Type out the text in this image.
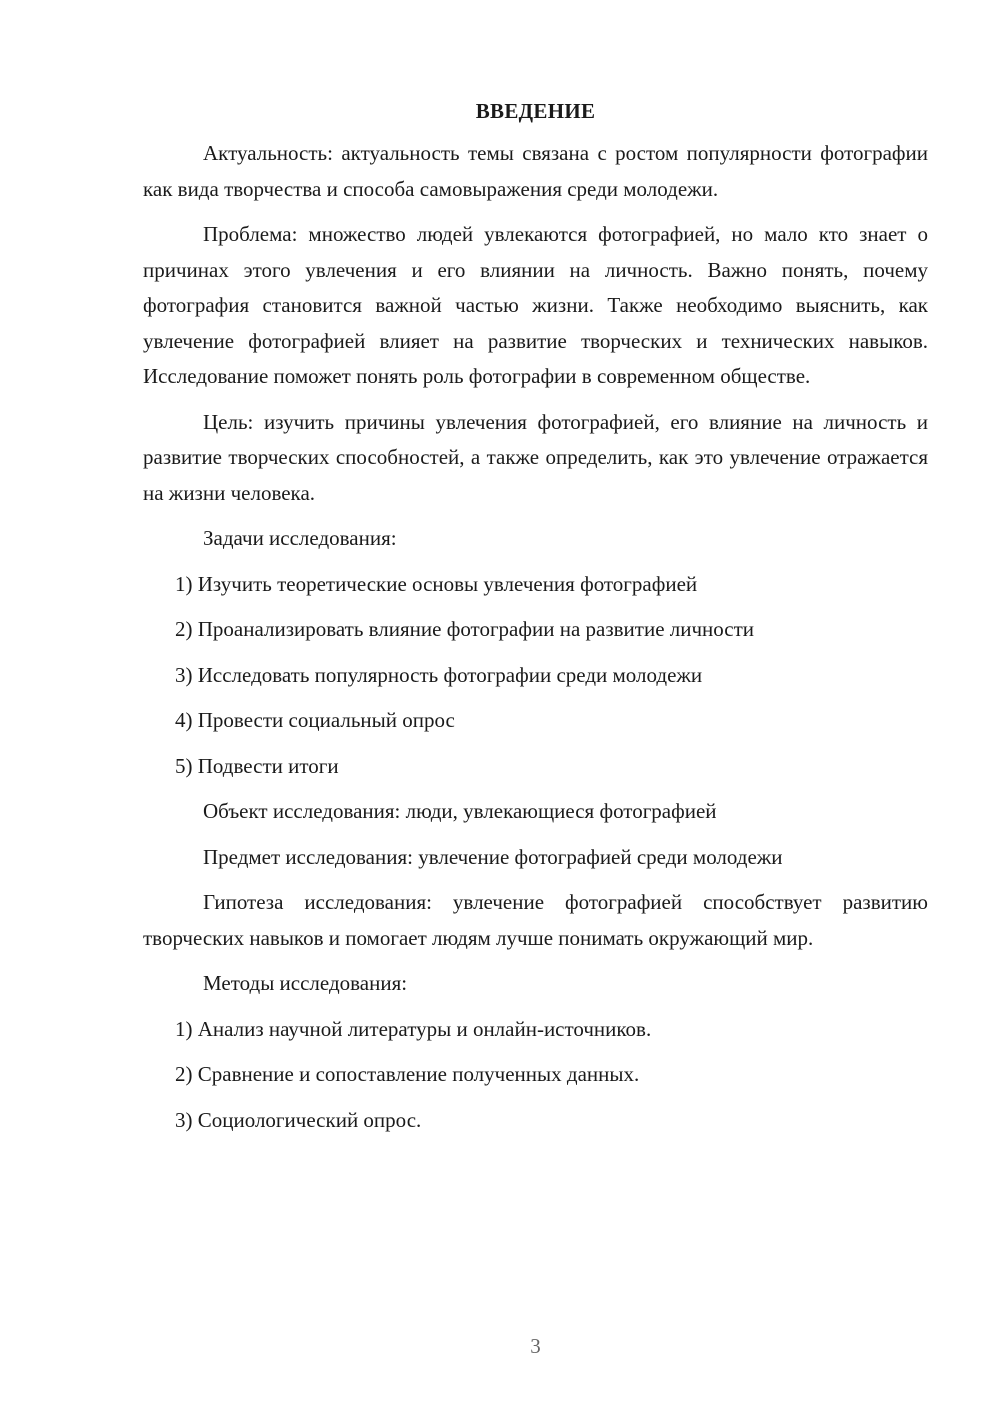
ВВЕДЕНИЕ

Актуальность: актуальность темы связана с ростом популярности фотографии как вида творчества и способа самовыражения среди молодежи.

Проблема: множество людей увлекаются фотографией, но мало кто знает о причинах этого увлечения и его влиянии на личность. Важно понять, почему фотография становится важной частью жизни. Также необходимо выяснить, как увлечение фотографией влияет на развитие творческих и технических навыков. Исследование поможет понять роль фотографии в современном обществе.

Цель: изучить причины увлечения фотографией, его влияние на личность и развитие творческих способностей, а также определить, как это увлечение отражается на жизни человека.

Задачи исследования:
1) Изучить теоретические основы увлечения фотографией
2) Проанализировать влияние фотографии на развитие личности
3) Исследовать популярность фотографии среди молодежи
4) Провести социальный опрос
5) Подвести итоги
Объект исследования: люди, увлекающиеся фотографией
Предмет исследования: увлечение фотографией среди молодежи

Гипотеза исследования: увлечение фотографией способствует развитию творческих навыков и помогает людям лучше понимать окружающий мир.

Методы исследования:
1) Анализ научной литературы и онлайн-источников.
2) Сравнение и сопоставление полученных данных.
3) Социологический опрос.
3
